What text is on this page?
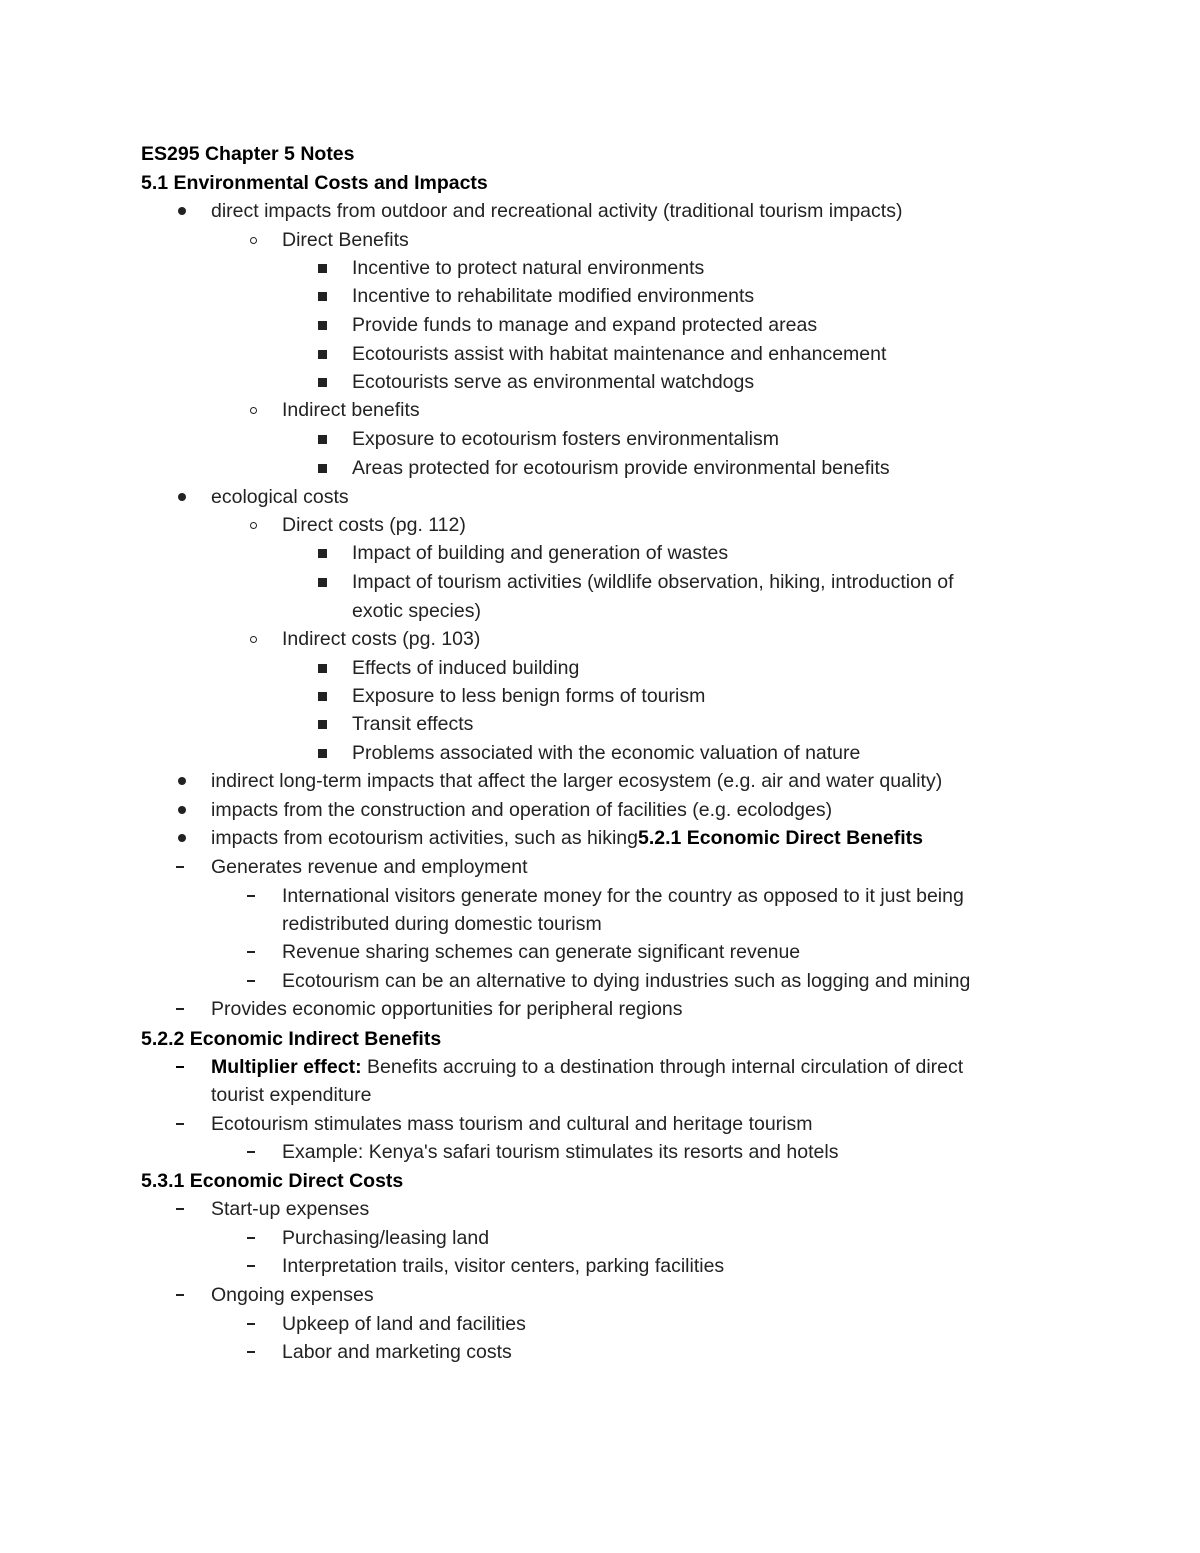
ES295 Chapter 5 Notes
5.1 Environmental Costs and Impacts
direct impacts from outdoor and recreational activity (traditional tourism impacts)
Direct Benefits
Incentive to protect natural environments
Incentive to rehabilitate modified environments
Provide funds to manage and expand protected areas
Ecotourists assist with habitat maintenance and enhancement
Ecotourists serve as environmental watchdogs
Indirect benefits
Exposure to ecotourism fosters environmentalism
Areas protected for ecotourism provide environmental benefits
ecological costs
Direct costs (pg. 112)
Impact of building and generation of wastes
Impact of tourism activities (wildlife observation, hiking, introduction of
exotic species)
Indirect costs (pg. 103)
Effects of induced building
Exposure to less benign forms of tourism
Transit effects
Problems associated with the economic valuation of nature
indirect long-term impacts that affect the larger ecosystem (e.g. air and water quality)
impacts from the construction and operation of facilities (e.g. ecolodges)
impacts from ecotourism activities, such as hiking5.2.1 Economic Direct Benefits
Generates revenue and employment
International visitors generate money for the country as opposed to it just being
redistributed during domestic tourism
Revenue sharing schemes can generate significant revenue
Ecotourism can be an alternative to dying industries such as logging and mining
Provides economic opportunities for peripheral regions
5.2.2 Economic Indirect Benefits
Multiplier effect: Benefits accruing to a destination through internal circulation of direct
tourist expenditure
Ecotourism stimulates mass tourism and cultural and heritage tourism
Example: Kenya's safari tourism stimulates its resorts and hotels
5.3.1 Economic Direct Costs
Start-up expenses
Purchasing/leasing land
Interpretation trails, visitor centers, parking facilities
Ongoing expenses
Upkeep of land and facilities
Labor and marketing costs
